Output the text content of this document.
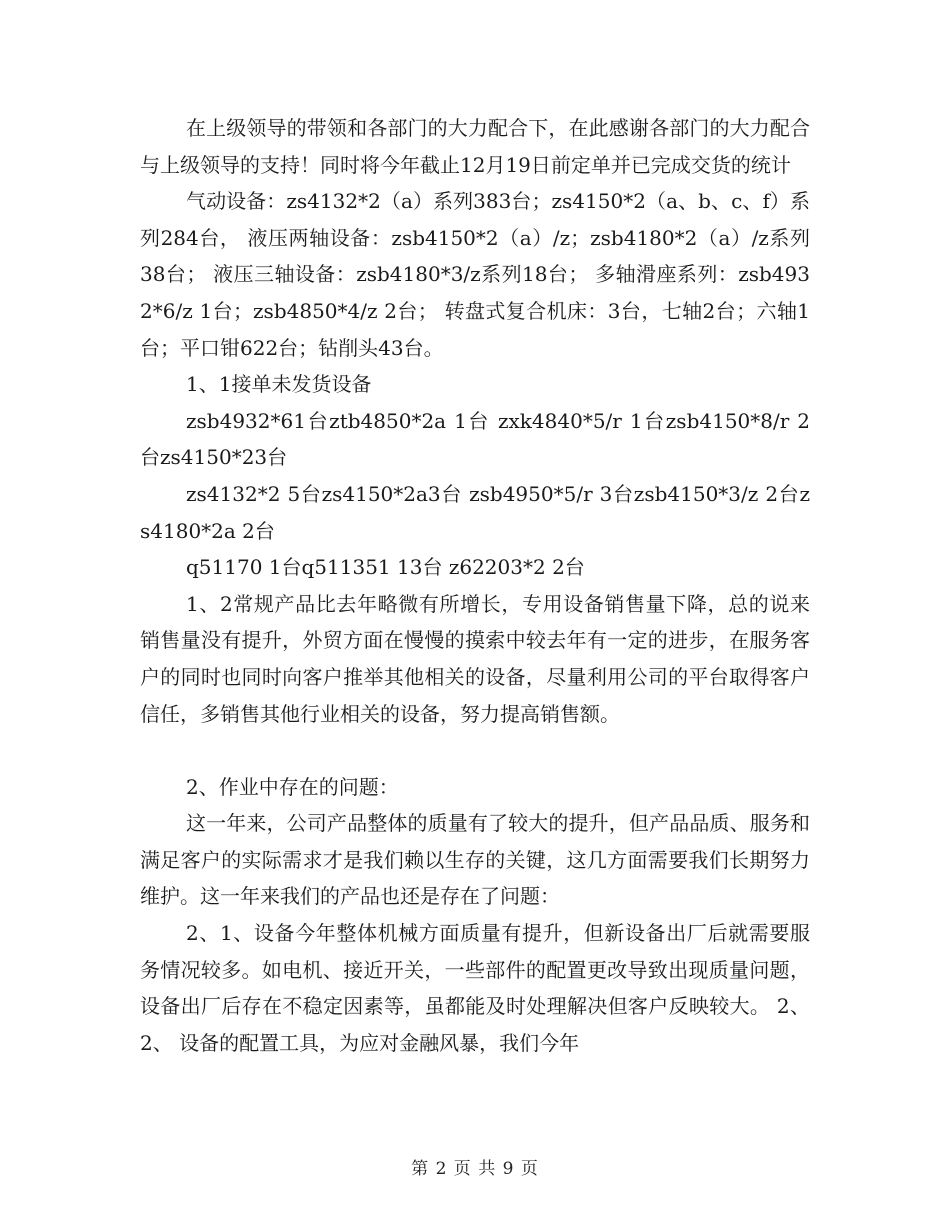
在上级领导的带领和各部门的大力配合下，在此感谢各部门的大力配合与上级领导的支持！同时将今年截止12月19日前定单并已完成交货的统计

气动设备：zs4132*2（a）系列383台；zs4150*2（a、b、c、f）系列284台， 液压两轴设备：zsb4150*2（a）/z；zsb4180*2（a）/z系列38台； 液压三轴设备：zsb4180*3/z系列18台； 多轴滑座系列：zsb4932*6/z 1台；zsb4850*4/z 2台； 转盘式复合机床：3台，七轴2台；六轴1台；平口钳622台；钻削头43台。

1、1接单未发货设备

zsb4932*61台ztb4850*2a 1台 zxk4840*5/r 1台zsb4150*8/r 2台zs4150*23台

zs4132*2 5台zs4150*2a3台 zsb4950*5/r 3台zsb4150*3/z 2台zs4180*2a 2台

q51170 1台q511351 13台 z62203*2 2台

1、2常规产品比去年略微有所增长，专用设备销售量下降，总的说来销售量没有提升，外贸方面在慢慢的摸索中较去年有一定的进步，在服务客户的同时也同时向客户推举其他相关的设备，尽量利用公司的平台取得客户信任，多销售其他行业相关的设备，努力提高销售额。

2、作业中存在的问题：

这一年来，公司产品整体的质量有了较大的提升，但产品品质、服务和满足客户的实际需求才是我们赖以生存的关键，这几方面需要我们长期努力维护。这一年来我们的产品也还是存在了问题：

2、1、设备今年整体机械方面质量有提升，但新设备出厂后就需要服务情况较多。如电机、接近开关，一些部件的配置更改导致出现质量问题，设备出厂后存在不稳定因素等，虽都能及时处理解决但客户反映较大。 2、2、 设备的配置工具，为应对金融风暴，我们今年

第 2 页 共 9 页
